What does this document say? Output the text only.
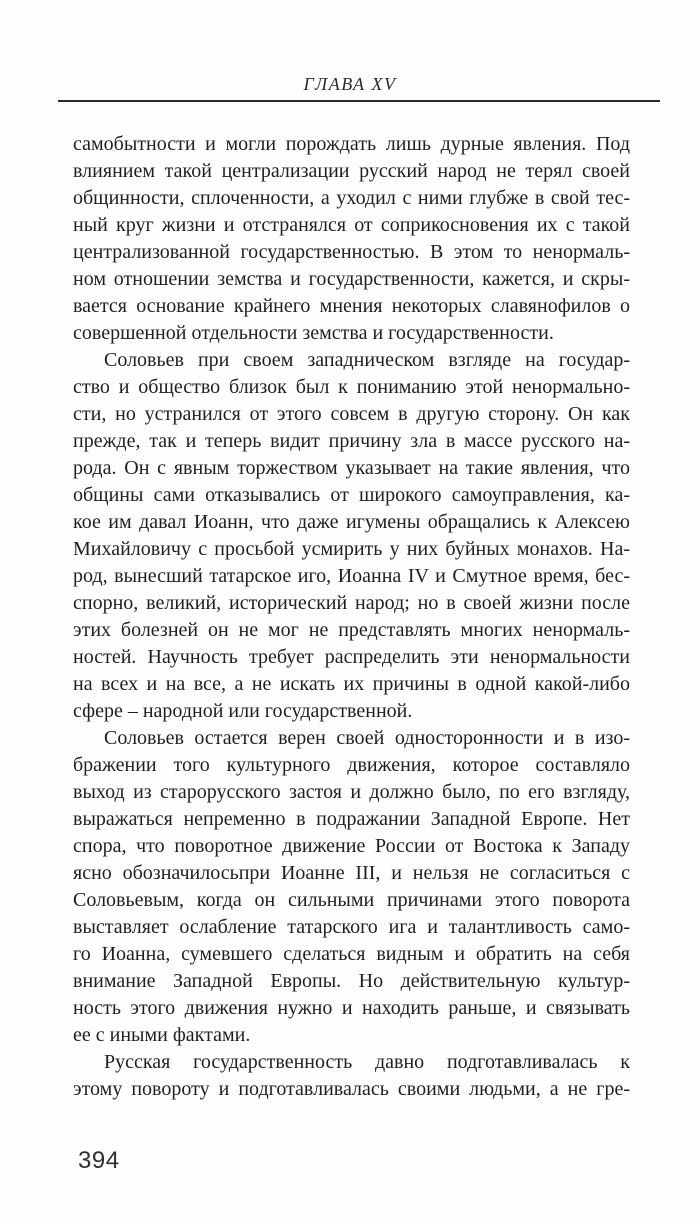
ГЛАВА XV
самобытности и могли порождать лишь дурные явления. Под
влиянием такой централизации русский народ не терял своей
общинности, сплоченности, а уходил с ними глубже в свой тес-
ный круг жизни и отстранялся от соприкосновения их с такой
централизованной государственностью. В этом то ненормаль-
ном отношении земства и государственности, кажется, и скры-
вается основание крайнего мнения некоторых славянофилов о
совершенной отдельности земства и государственности.
Соловьев при своем западническом взгляде на государ-
ство и общество близок был к пониманию этой ненормально-
сти, но устранился от этого совсем в другую сторону. Он как
прежде, так и теперь видит причину зла в массе русского на-
рода. Он с явным торжеством указывает на такие явления, что
общины сами отказывались от широкого самоуправления, ка-
кое им давал Иоанн, что даже игумены обращались к Алексею
Михайловичу с просьбой усмирить у них буйных монахов. На-
род, вынесший татарское иго, Иоанна IV и Смутное время, бес-
спорно, великий, исторический народ; но в своей жизни после
этих болезней он не мог не представлять многих ненормаль-
ностей. Научность требует распределить эти ненормальности
на всех и на все, а не искать их причины в одной какой-либо
сфере – народной или государственной.
Соловьев остается верен своей односторонности и в изо-
бражении того культурного движения, которое составляло
выход из старорусского застоя и должно было, по его взгляду,
выражаться непременно в подражании Западной Европе. Нет
спора, что поворотное движение России от Востока к Западу
ясно обозначилосьпри Иоанне III, и нельзя не согласиться с
Соловьевым, когда он сильными причинами этого поворота
выставляет ослабление татарского ига и талантливость само-
го Иоанна, сумевшего сделаться видным и обратить на себя
внимание Западной Европы. Но действительную культур-
ность этого движения нужно и находить раньше, и связывать
ее с иными фактами.
Русская государственность давно подготавливалась к
этому повороту и подготавливалась своими людьми, а не гре-
394
